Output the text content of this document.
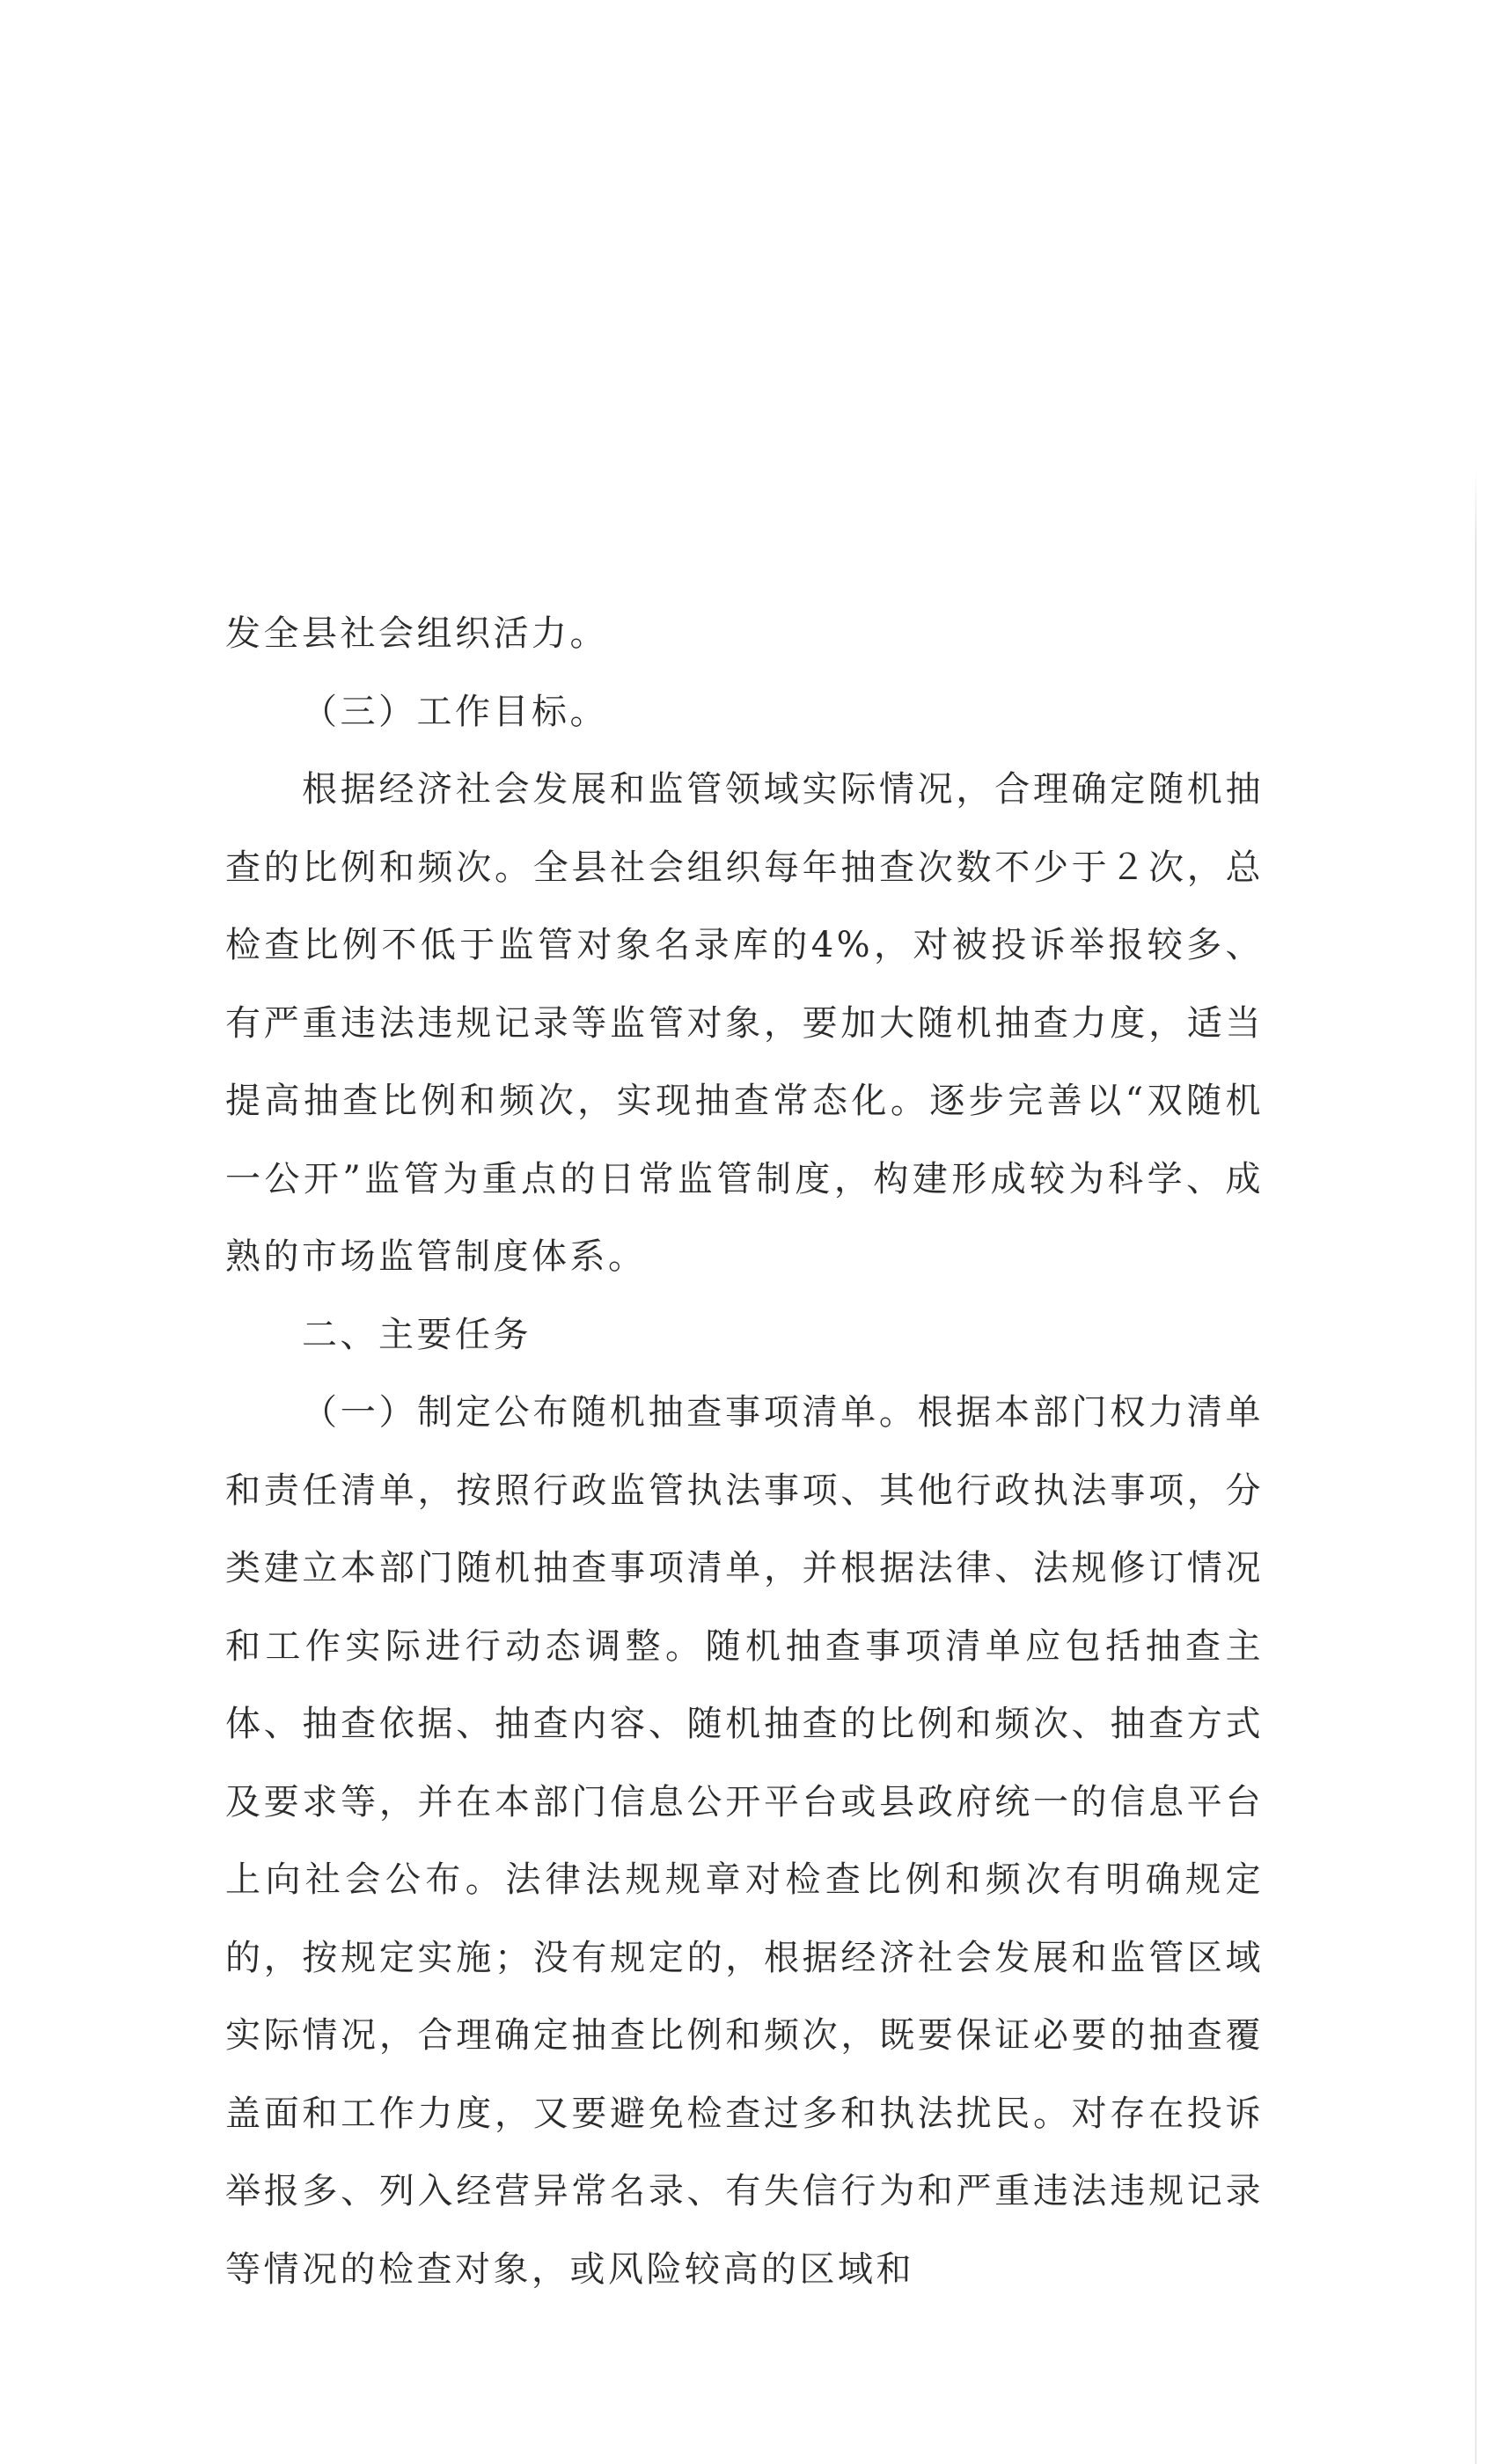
发全县社会组织活力。

（三）工作目标。

根据经济社会发展和监管领域实际情况，合理确定随机抽查的比例和频次。全县社会组织每年抽查次数不少于２次，总检查比例不低于监管对象名录库的4%，对被投诉举报较多、有严重违法违规记录等监管对象，要加大随机抽查力度，适当提高抽查比例和频次，实现抽查常态化。逐步完善以“双随机一公开”监管为重点的日常监管制度，构建形成较为科学、成熟的市场监管制度体系。

二、主要任务

（一）制定公布随机抽查事项清单。根据本部门权力清单和责任清单，按照行政监管执法事项、其他行政执法事项，分类建立本部门随机抽查事项清单，并根据法律、法规修订情况和工作实际进行动态调整。随机抽查事项清单应包括抽查主体、抽查依据、抽查内容、随机抽查的比例和频次、抽查方式及要求等，并在本部门信息公开平台或县政府统一的信息平台上向社会公布。法律法规规章对检查比例和频次有明确规定的，按规定实施；没有规定的，根据经济社会发展和监管区域实际情况，合理确定抽查比例和频次，既要保证必要的抽查覆盖面和工作力度，又要避免检查过多和执法扰民。对存在投诉举报多、列入经营异常名录、有失信行为和严重违法违规记录等情况的检查对象，或风险较高的区域和
